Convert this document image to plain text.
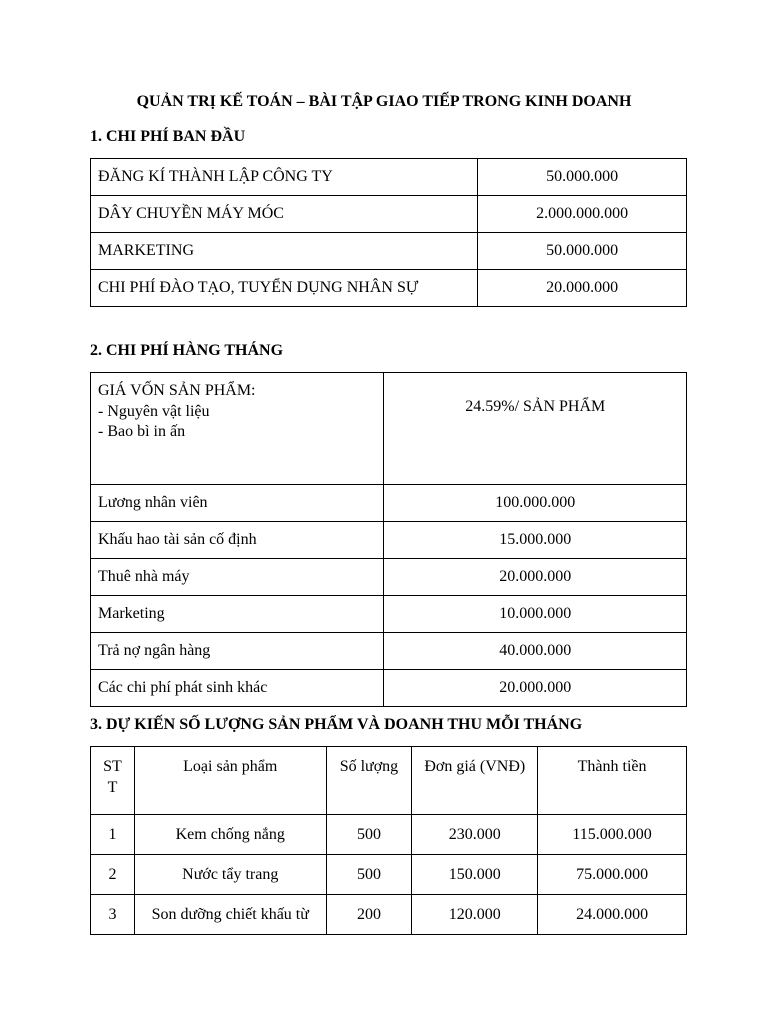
QUẢN TRỊ KẾ TOÁN – BÀI TẬP GIAO TIẾP TRONG KINH DOANH
1. CHI PHÍ BAN ĐẦU
ĐĂNG KÍ THÀNH LẬP CÔNG TY	50.000.000
DÂY CHUYỀN MÁY MÓC	2.000.000.000
MARKETING	50.000.000
CHI PHÍ ĐÀO TẠO, TUYỂN DỤNG NHÂN SỰ	20.000.000
2. CHI PHÍ HÀNG THÁNG
GIÁ VỐN SẢN PHẨM:
- Nguyên vật liệu
- Bao bì in ấn	24.59%/ SẢN PHẨM
Lương nhân viên	100.000.000
Khấu hao tài sản cố định	15.000.000
Thuê nhà máy	20.000.000
Marketing	10.000.000
Trả nợ ngân hàng	40.000.000
Các chi phí phát sinh khác	20.000.000
3. DỰ KIẾN SỐ LƯỢNG SẢN PHẨM VÀ DOANH THU MỖI THÁNG
ST T	Loại sản phẩm	Số lượng	Đơn giá (VNĐ)	Thành tiền
1	Kem chống nắng	500	230.000	115.000.000
2	Nước tẩy trang	500	150.000	75.000.000
3	Son dưỡng chiết khấu từ	200	120.000	24.000.000
